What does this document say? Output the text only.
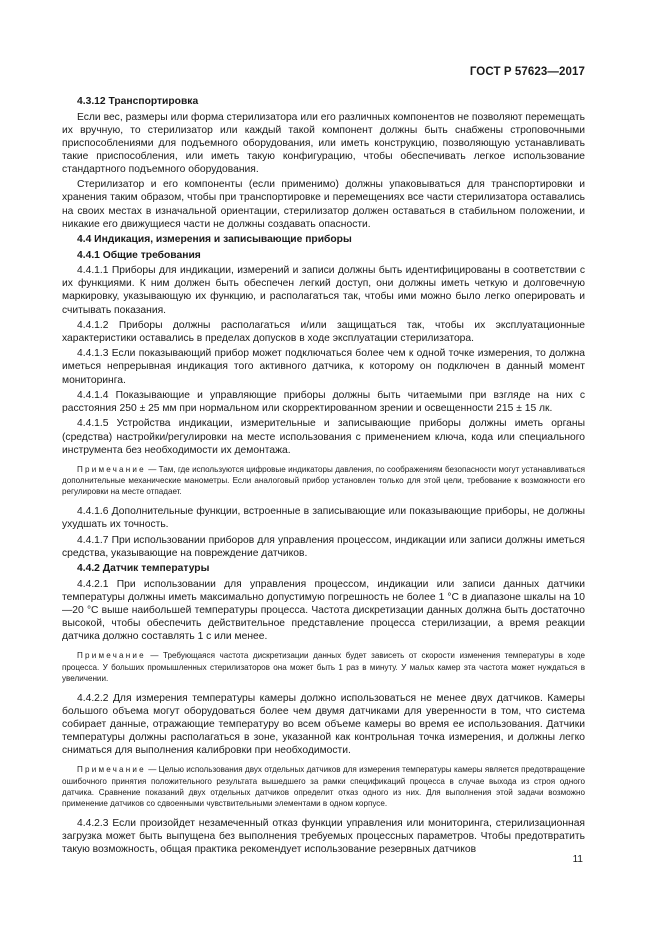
ГОСТ Р 57623—2017
4.3.12 Транспортировка
Если вес, размеры или форма стерилизатора или его различных компонентов не позволяют перемещать их вручную, то стерилизатор или каждый такой компонент должны быть снабжены строповочными приспособлениями для подъемного оборудования, или иметь конструкцию, позволяющую устанавливать такие приспособления, или иметь такую конфигурацию, чтобы обеспечивать легкое использование стандартного подъемного оборудования.
Стерилизатор и его компоненты (если применимо) должны упаковываться для транспортировки и хранения таким образом, чтобы при транспортировке и перемещениях все части стерилизатора оставались на своих местах в изначальной ориентации, стерилизатор должен оставаться в стабильном положении, и никакие его движущиеся части не должны создавать опасности.
4.4 Индикация, измерения и записывающие приборы
4.4.1 Общие требования
4.4.1.1 Приборы для индикации, измерений и записи должны быть идентифицированы в соответствии с их функциями. К ним должен быть обеспечен легкий доступ, они должны иметь четкую и долговечную маркировку, указывающую их функцию, и располагаться так, чтобы ими можно было легко оперировать и считывать показания.
4.4.1.2 Приборы должны располагаться и/или защищаться так, чтобы их эксплуатационные характеристики оставались в пределах допусков в ходе эксплуатации стерилизатора.
4.4.1.3 Если показывающий прибор может подключаться более чем к одной точке измерения, то должна иметься непрерывная индикация того активного датчика, к которому он подключен в данный момент мониторинга.
4.4.1.4 Показывающие и управляющие приборы должны быть читаемыми при взгляде на них с расстояния 250 ± 25 мм при нормальном или скорректированном зрении и освещенности 215 ± 15 лк.
4.4.1.5 Устройства индикации, измерительные и записывающие приборы должны иметь органы (средства) настройки/регулировки на месте использования с применением ключа, кода или специального инструмента без необходимости их демонтажа.
Примечание — Там, где используются цифровые индикаторы давления, по соображениям безопасности могут устанавливаться дополнительные механические манометры. Если аналоговый прибор установлен только для этой цели, требование к возможности его регулировки на месте отпадает.
4.4.1.6 Дополнительные функции, встроенные в записывающие или показывающие приборы, не должны ухудшать их точность.
4.4.1.7 При использовании приборов для управления процессом, индикации или записи должны иметься средства, указывающие на повреждение датчиков.
4.4.2 Датчик температуры
4.4.2.1 При использовании для управления процессом, индикации или записи данных датчики температуры должны иметь максимально допустимую погрешность не более 1 °С в диапазоне шкалы на 10—20 °С выше наибольшей температуры процесса. Частота дискретизации данных должна быть достаточно высокой, чтобы обеспечить действительное представление процесса стерилизации, а время реакции датчика должно составлять 1 с или менее.
Примечание — Требующаяся частота дискретизации данных будет зависеть от скорости изменения температуры в ходе процесса. У больших промышленных стерилизаторов она может быть 1 раз в минуту. У малых камер эта частота может нуждаться в увеличении.
4.4.2.2 Для измерения температуры камеры должно использоваться не менее двух датчиков. Камеры большого объема могут оборудоваться более чем двумя датчиками для уверенности в том, что система собирает данные, отражающие температуру во всем объеме камеры во время ее использования. Датчики температуры должны располагаться в зоне, указанной как контрольная точка измерения, и должны легко сниматься для выполнения калибровки при необходимости.
Примечание — Целью использования двух отдельных датчиков для измерения температуры камеры является предотвращение ошибочного принятия положительного результата вышедшего за рамки спецификаций процесса в случае выхода из строя одного датчика. Сравнение показаний двух отдельных датчиков определит отказ одного из них. Для выполнения этой задачи возможно применение датчиков со сдвоенными чувствительными элементами в одном корпусе.
4.4.2.3 Если произойдет незамеченный отказ функции управления или мониторинга, стерилизационная загрузка может быть выпущена без выполнения требуемых процессных параметров. Чтобы предотвратить такую возможность, общая практика рекомендует использование резервных датчиков
11
